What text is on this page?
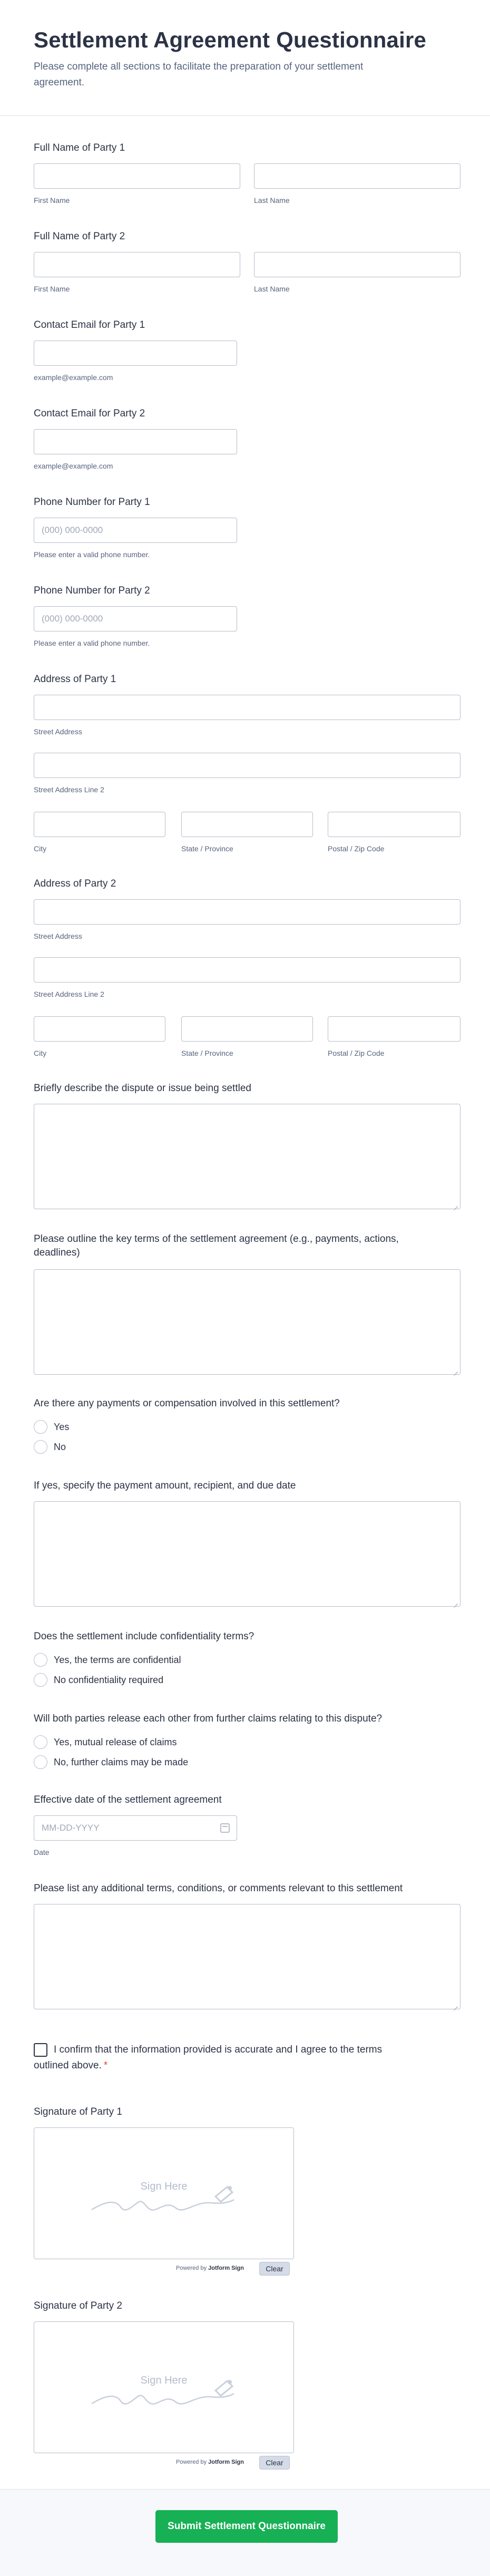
Settlement Agreement Questionnaire

Please complete all sections to facilitate the preparation of your settlement agreement.

Full Name of Party 1
First Name	Last Name
Full Name of Party 2
First Name	Last Name
Contact Email for Party 1
example@example.com
Contact Email for Party 2
example@example.com
Phone Number for Party 1
(000) 000-0000
Please enter a valid phone number.
Phone Number for Party 2
(000) 000-0000
Please enter a valid phone number.
Address of Party 1
Street Address
Street Address Line 2
City	State / Province	Postal / Zip Code
Address of Party 2
Street Address
Street Address Line 2
City	State / Province	Postal / Zip Code
Briefly describe the dispute or issue being settled
Please outline the key terms of the settlement agreement (e.g., payments, actions, deadlines)
Are there any payments or compensation involved in this settlement?
Yes
No
If yes, specify the payment amount, recipient, and due date
Does the settlement include confidentiality terms?
Yes, the terms are confidential
No confidentiality required
Will both parties release each other from further claims relating to this dispute?
Yes, mutual release of claims
No, further claims may be made
Effective date of the settlement agreement
MM-DD-YYYY
Date
Please list any additional terms, conditions, or comments relevant to this settlement
I confirm that the information provided is accurate and I agree to the terms outlined above. *
Signature of Party 1
Sign Here
Powered by Jotform Sign	Clear
Signature of Party 2
Sign Here
Powered by Jotform Sign	Clear
Submit Settlement Questionnaire
